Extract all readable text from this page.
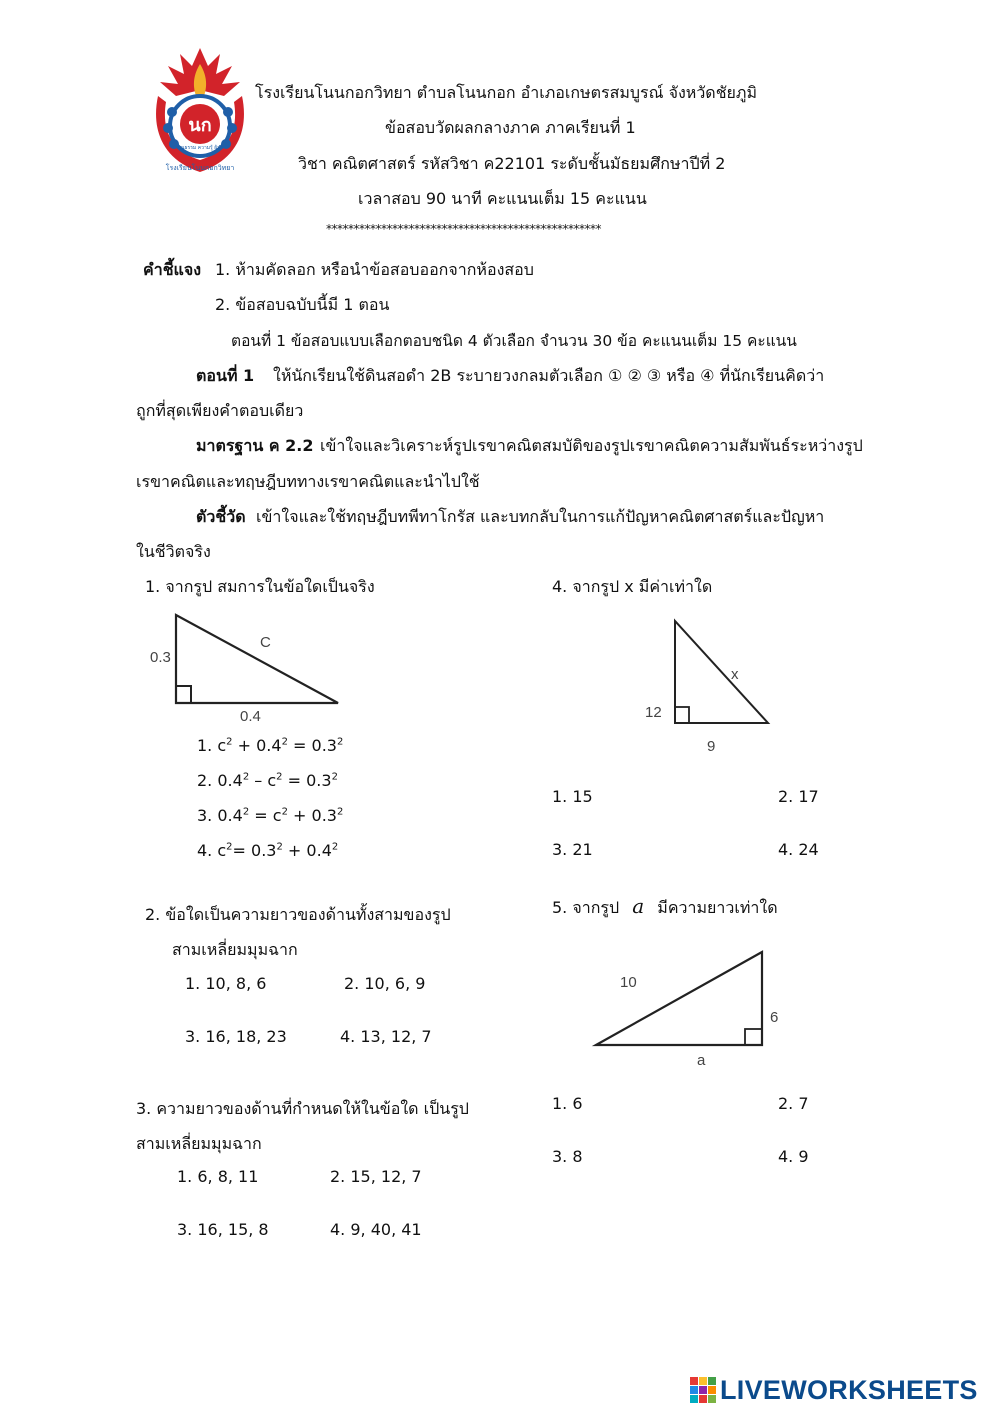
นก
คุณธรรม ความรู้ ผู้นำ
โรงเรียนโนนกอกวิทยา
โรงเรียนโนนกอกวิทยา ตำบลโนนกอก อำเภอเกษตรสมบูรณ์ จังหวัดชัยภูมิ
ข้อสอบวัดผลกลางภาค ภาคเรียนที่ 1
วิชา คณิตศาสตร์ รหัสวิชา ค22101 ระดับชั้นมัธยมศึกษาปีที่ 2
เวลาสอบ 90 นาที คะแนนเต็ม 15 คะแนน
**************************************************
คำชี้แจง 1. ห้ามคัดลอก หรือนำข้อสอบออกจากห้องสอบ
2. ข้อสอบฉบับนี้มี 1 ตอน
ตอนที่ 1 ข้อสอบแบบเลือกตอบชนิด 4 ตัวเลือก จำนวน 30 ข้อ คะแนนเต็ม 15 คะแนน
ตอนที่ 1 ให้นักเรียนใช้ดินสอดำ 2B ระบายวงกลมตัวเลือก ① ② ③ หรือ ④ ที่นักเรียนคิดว่า
ถูกที่สุดเพียงคำตอบเดียว
มาตรฐาน ค 2.2 เข้าใจและวิเคราะห์รูปเรขาคณิตสมบัติของรูปเรขาคณิตความสัมพันธ์ระหว่างรูป
เรขาคณิตและทฤษฎีบททางเรขาคณิตและนำไปใช้
ตัวชี้วัด เข้าใจและใช้ทฤษฎีบทพีทาโกรัส และบทกลับในการแก้ปัญหาคณิตศาสตร์และปัญหา
ในชีวิตจริง
1. จากรูป สมการในข้อใดเป็นจริง
0.3
C
0.4
1. $c^2 + 0.4^2 = 0.3^2$
2. $0.4^2 - c^2 = 0.3^2$
3. $0.4^2 = c^2 + 0.3^2$
4. $c^2= 0.3^2 + 0.4^2$
2. ข้อใดเป็นความยาวของด้านทั้งสามของรูป
สามเหลี่ยมมุมฉาก
1. 10, 8, 6	2. 10, 6, 9
3. 16, 18, 23	4. 13, 12, 7
3. ความยาวของด้านที่กำหนดให้ในข้อใด เป็นรูป
สามเหลี่ยมมุมฉาก
1. 6, 8, 11	2. 15, 12, 7
3. 16, 15, 8	4. 9, 40, 41
4. จากรูป x มีค่าเท่าใด
12
x
9
1. 15	2. 17
3. 21	4. 24
5. จากรูป a มีความยาวเท่าใด
10
6
a
1. 6	2. 7
3. 8	4. 9
LIVEWORKSHEETS
